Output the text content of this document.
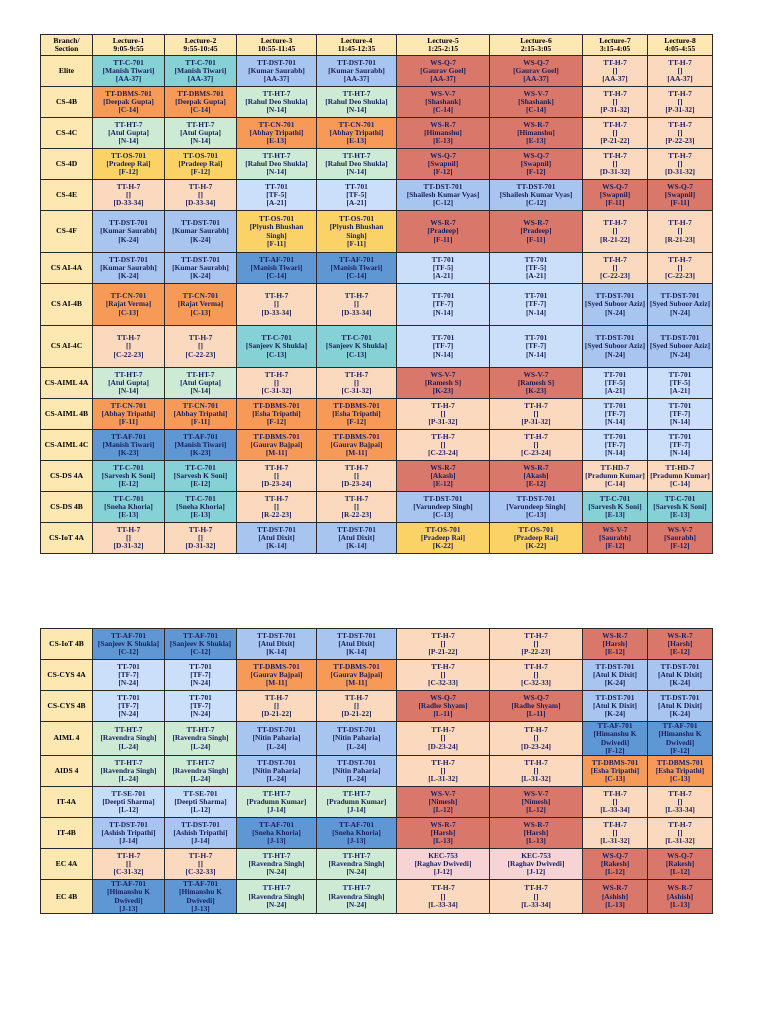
Branch/
Section	Lecture-1
9:05-9:55	Lecture-2
9:55-10:45	Lecture-3
10:55-11:45	Lecture-4
11:45-12:35	Lecture-5
1:25-2:15	Lecture-6
2:15-3:05	Lecture-7
3:15-4:05	Lecture-8
4:05-4:55

Elite	TT-C-701
[Manish Tiwari]
[AA-37]	TT-C-701
[Manish Tiwari]
[AA-37]	TT-DST-701
[Kumar Saurabh]
[AA-37]	TT-DST-701
[Kumar Saurabh]
[AA-37]	WS-Q-7
[Gaurav Goel]
[AA-37]	WS-Q-7
[Gaurav Goel]
[AA-37]	TT-H-7
[]
[AA-37]	TT-H-7
[]
[AA-37]

CS-4B	TT-DBMS-701
[Deepak Gupta]
[C-14]	TT-DBMS-701
[Deepak Gupta]
[C-14]	TT-HT-7
[Rahul Deo Shukla]
[N-14]	TT-HT-7
[Rahul Deo Shukla]
[N-14]	WS-V-7
[Shashank]
[C-14]	WS-V-7
[Shashank]
[C-14]	TT-H-7
[]
[P-31-32]	TT-H-7
[]
[P-31-32]

CS-4C	TT-HT-7
[Atul Gupta]
[N-14]	TT-HT-7
[Atul Gupta]
[N-14]	TT-CN-701
[Abhay Tripathi]
[E-13]	TT-CN-701
[Abhay Tripathi]
[E-13]	WS-R-7
[Himanshu]
[E-13]	WS-R-7
[Himanshu]
[E-13]	TT-H-7
[]
[P-21-22]	TT-H-7
[]
[P-22-23]

CS-4D	TT-OS-701
[Pradeep Rai]
[F-12]	TT-OS-701
[Pradeep Rai]
[F-12]	TT-HT-7
[Rahul Deo Shukla]
[N-14]	TT-HT-7
[Rahul Deo Shukla]
[N-14]	WS-Q-7
[Swapnil]
[F-12]	WS-Q-7
[Swapnil]
[F-12]	TT-H-7
[]
[D-31-32]	TT-H-7
[]
[D-31-32]

CS-4E	TT-H-7
[]
[D-33-34]	TT-H-7
[]
[D-33-34]	TT-701
[TF-5]
[A-21]	TT-701
[TF-5]
[A-21]	TT-DST-701
[Shailesh Kumar Vyas]
[C-12]	TT-DST-701
[Shailesh Kumar Vyas]
[C-12]	WS-Q-7
[Swapnil]
[F-11]	WS-Q-7
[Swapnil]
[F-11]

CS-4F	TT-DST-701
[Kumar Saurabh]
[K-24]	TT-DST-701
[Kumar Saurabh]
[K-24]	TT-OS-701
[Piyush Bhushan
Singh]
[F-11]	TT-OS-701
[Piyush Bhushan
Singh]
[F-11]	WS-R-7
[Pradeep]
[F-11]	WS-R-7
[Pradeep]
[F-11]	TT-H-7
[]
[R-21-22]	TT-H-7
[]
[R-21-23]

CS AI-4A	TT-DST-701
[Kumar Saurabh]
[K-24]	TT-DST-701
[Kumar Saurabh]
[K-24]	TT-AF-701
[Manish Tiwari]
[C-14]	TT-AF-701
[Manish Tiwari]
[C-14]	TT-701
[TF-5]
[A-21]	TT-701
[TF-5]
[A-21]	TT-H-7
[]
[C-22-23]	TT-H-7
[]
[C-22-23]

CS AI-4B	TT-CN-701
[Rajat Verma]
[C-13]	TT-CN-701
[Rajat Verma]
[C-13]	TT-H-7
[]
[D-33-34]	TT-H-7
[]
[D-33-34]	TT-701
[TF-7]
[N-14]	TT-701
[TF-7]
[N-14]	TT-DST-701
[Syed Suboor Aziz]
[N-24]	TT-DST-701
[Syed Suboor Aziz]
[N-24]

CS AI-4C	TT-H-7
[]
[C-22-23]	TT-H-7
[]
[C-22-23]	TT-C-701
[Sanjeev K Shukla]
[C-13]	TT-C-701
[Sanjeev K Shukla]
[C-13]	TT-701
[TF-7]
[N-14]	TT-701
[TF-7]
[N-14]	TT-DST-701
[Syed Suboor Aziz]
[N-24]	TT-DST-701
[Syed Suboor Aziz]
[N-24]

CS-AIML 4A	TT-HT-7
[Atul Gupta]
[N-14]	TT-HT-7
[Atul Gupta]
[N-14]	TT-H-7
[]
[C-31-32]	TT-H-7
[]
[C-31-32]	WS-V-7
[Ramesh S]
[K-23]	WS-V-7
[Ramesh S]
[K-23]	TT-701
[TF-5]
[A-21]	TT-701
[TF-5]
[A-21]

CS-AIML 4B	TT-CN-701
[Abhay Tripathi]
[F-11]	TT-CN-701
[Abhay Tripathi]
[F-11]	TT-DBMS-701
[Esha Tripathi]
[F-12]	TT-DBMS-701
[Esha Tripathi]
[F-12]	TT-H-7
[]
[P-31-32]	TT-H-7
[]
[P-31-32]	TT-701
[TF-7]
[N-14]	TT-701
[TF-7]
[N-14]

CS-AIML 4C	TT-AF-701
[Manish Tiwari]
[K-23]	TT-AF-701
[Manish Tiwari]
[K-23]	TT-DBMS-701
[Gaurav Bajpai]
[M-11]	TT-DBMS-701
[Gaurav Bajpai]
[M-11]	TT-H-7
[]
[C-23-24]	TT-H-7
[]
[C-23-24]	TT-701
[TF-7]
[N-14]	TT-701
[TF-7]
[N-14]

CS-DS 4A	TT-C-701
[Sarvesh K Soni]
[E-12]	TT-C-701
[Sarvesh K Soni]
[E-12]	TT-H-7
[]
[D-23-24]	TT-H-7
[]
[D-23-24]	WS-R-7
[Akash]
[E-12]	WS-R-7
[Akash]
[E-12]	TT-HD-7
[Pradumn Kumar]
[C-14]	TT-HD-7
[Pradumn Kumar]
[C-14]

CS-DS 4B	TT-C-701
[Sneha Khoria]
[E-13]	TT-C-701
[Sneha Khoria]
[E-13]	TT-H-7
[]
[R-22-23]	TT-H-7
[]
[R-22-23]	TT-DST-701
[Varundeep Singh]
[C-13]	TT-DST-701
[Varundeep Singh]
[C-13]	TT-C-701
[Sarvesh K Soni]
[E-13]	TT-C-701
[Sarvesh K Soni]
[E-13]

CS-IoT 4A	TT-H-7
[]
[D-31-32]	TT-H-7
[]
[D-31-32]	TT-DST-701
[Atul Dixit]
[K-14]	TT-DST-701
[Atul Dixit]
[K-14]	TT-OS-701
[Pradeep Rai]
[K-22]	TT-OS-701
[Pradeep Rai]
[K-22]	WS-V-7
[Saurabh]
[F-12]	WS-V-7
[Saurabh]
[F-12]
CS-IoT 4B	TT-AF-701
[Sanjeev K Shukla]
[C-12]	TT-AF-701
[Sanjeev K Shukla]
[C-12]	TT-DST-701
[Atul Dixit]
[K-14]	TT-DST-701
[Atul Dixit]
[K-14]	TT-H-7
[]
[P-21-22]	TT-H-7
[]
[P-22-23]	WS-R-7
[Harsh]
[E-12]	WS-R-7
[Harsh]
[E-12]

CS-CYS 4A	TT-701
[TF-7]
[N-24]	TT-701
[TF-7]
[N-24]	TT-DBMS-701
[Gaurav Bajpai]
[M-11]	TT-DBMS-701
[Gaurav Bajpai]
[M-11]	TT-H-7
[]
[C-32-33]	TT-H-7
[]
[C-32-33]	TT-DST-701
[Atul K Dixit]
[K-24]	TT-DST-701
[Atul K Dixit]
[K-24]

CS-CYS 4B	TT-701
[TF-7]
[N-24]	TT-701
[TF-7]
[N-24]	TT-H-7
[]
[D-21-22]	TT-H-7
[]
[D-21-22]	WS-Q-7
[Radhe Shyam]
[L-11]	WS-Q-7
[Radhe Shyam]
[L-11]	TT-DST-701
[Atul K Dixit]
[K-24]	TT-DST-701
[Atul K Dixit]
[K-24]

AIML 4	TT-HT-7
[Ravendra Singh]
[L-24]	TT-HT-7
[Ravendra Singh]
[L-24]	TT-DST-701
[Nitin Paharia]
[L-24]	TT-DST-701
[Nitin Paharia]
[L-24]	TT-H-7
[]
[D-23-24]	TT-H-7
[]
[D-23-24]	TT-AF-701
[Himanshu K
Dwivedi]
[F-12]	TT-AF-701
[Himanshu K
Dwivedi]
[F-12]

AIDS 4	TT-HT-7
[Ravendra Singh]
[L-24]	TT-HT-7
[Ravendra Singh]
[L-24]	TT-DST-701
[Nitin Paharia]
[L-24]	TT-DST-701
[Nitin Paharia]
[L-24]	TT-H-7
[]
[L-31-32]	TT-H-7
[]
[L-31-32]	TT-DBMS-701
[Esha Tripathi]
[C-13]	TT-DBMS-701
[Esha Tripathi]
[C-13]

IT-4A	TT-SE-701
[Deepti Sharma]
[L-12]	TT-SE-701
[Deepti Sharma]
[L-12]	TT-HT-7
[Pradumn Kumar]
[J-14]	TT-HT-7
[Pradumn Kumar]
[J-14]	WS-V-7
[Nimesh]
[L-12]	WS-V-7
[Nimesh]
[L-12]	TT-H-7
[]
[L-33-34]	TT-H-7
[]
[L-33-34]

IT-4B	TT-DST-701
[Ashish Tripathi]
[J-14]	TT-DST-701
[Ashish Tripathi]
[J-14]	TT-AF-701
[Sneha Khoria]
[J-13]	TT-AF-701
[Sneha Khoria]
[J-13]	WS-R-7
[Harsh]
[L-13]	WS-R-7
[Harsh]
[L-13]	TT-H-7
[]
[L-31-32]	TT-H-7
[]
[L-31-32]

EC 4A	TT-H-7
[]
[C-31-32]	TT-H-7
[]
[C-32-33]	TT-HT-7
[Ravendra Singh]
[N-24]	TT-HT-7
[Ravendra Singh]
[N-24]	KEC-753
[Raghav Dwivedi]
[J-12]	KEC-753
[Raghav Dwivedi]
[J-12]	WS-Q-7
[Rakesh]
[L-12]	WS-Q-7
[Rakesh]
[L-12]

EC 4B	TT-AF-701
[Himanshu K
Dwivedi]
[J-13]	TT-AF-701
[Himanshu K
Dwivedi]
[J-13]	TT-HT-7
[Ravendra Singh]
[N-24]	TT-HT-7
[Ravendra Singh]
[N-24]	TT-H-7
[]
[L-33-34]	TT-H-7
[]
[L-33-34]	WS-R-7
[Ashish]
[L-13]	WS-R-7
[Ashish]
[L-13]
